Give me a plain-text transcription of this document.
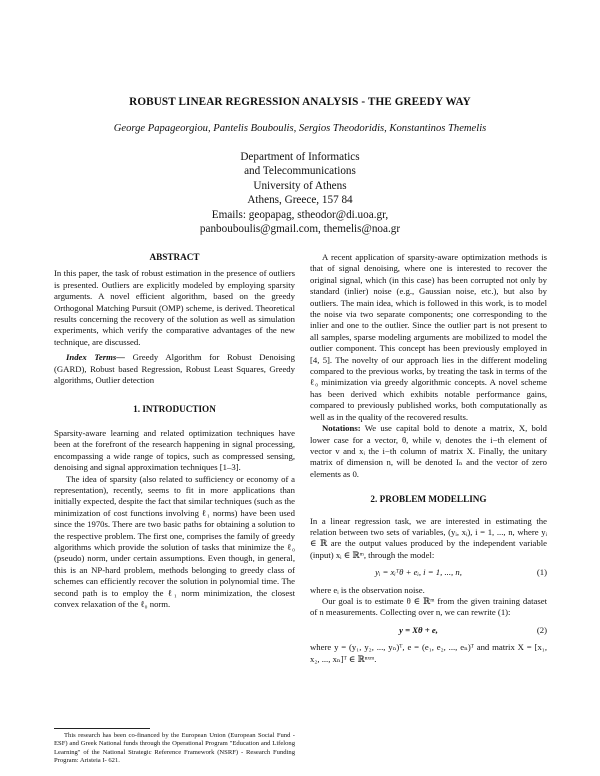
ROBUST LINEAR REGRESSION ANALYSIS - THE GREEDY WAY
George Papageorgiou, Pantelis Bouboulis, Sergios Theodoridis, Konstantinos Themelis
Department of Informatics
and Telecommunications
University of Athens
Athens, Greece, 157 84
Emails: geopapag, stheodor@di.uoa.gr,
panbouboulis@gmail.com, themelis@noa.gr

ABSTRACT

In this paper, the task of robust estimation in the presence of outliers is presented. Outliers are explicitly modeled by employing sparsity arguments. A novel efficient algorithm, based on the greedy Orthogonal Matching Pursuit (OMP) scheme, is derived. Theoretical results concerning the recovery of the solution as well as simulation experiments, which verify the comparative advantages of the new technique, are discussed.

Index Terms— Greedy Algorithm for Robust Denoising (GARD), Robust based Regression, Robust Least Squares, Greedy algorithms, Outlier detection

1. INTRODUCTION

Sparsity-aware learning and related optimization techniques have been at the forefront of the research happening in signal processing, encompassing a wide range of topics, such as compressed sensing, denoising and signal approximation techniques [1–3].

The idea of sparsity (also related to sufficiency or economy of a representation), recently, seems to fit in more applications than initially expected, despite the fact that similar techniques (such as the minimization of cost functions involving ℓ₁ norms) have been used since the 1970s. There are two basic paths for obtaining a solution to the respective problem. The first one, comprises the family of greedy algorithms which provide the solution of tasks that minimize the ℓ₀ (pseudo) norm, under certain assumptions. Even though, in general, this is an NP-hard problem, methods belonging to greedy class of schemes can efficiently recover the solution in polynomial time. The second path is to employ the ℓ₁ norm minimization, the closest convex relaxation of the ℓ₀ norm.

This research has been co-financed by the European Union (European Social Fund - ESF) and Greek National funds through the Operational Program "Education and Lifelong Learning" of the National Strategic Reference Framework (NSRF) - Research Funding Program: Aristeia I- 621.

A recent application of sparsity-aware optimization methods is that of signal denoising, where one is interested to recover the original signal, which (in this case) has been corrupted not only by standard (inlier) noise (e.g., Gaussian noise, etc.), but also by outliers. The main idea, which is followed in this work, is to model the noise via two separate components; one corresponding to the inlier and one to the outlier. Since the outlier part is not present to all samples, sparse modeling arguments are mobilized to model the outlier component. This concept has been previously employed in [4, 5]. The novelty of our approach lies in the different modeling compared to the previous works, by treating the task in terms of the ℓ₀ minimization via greedy algorithmic concepts. A novel scheme has been derived which exhibits notable performance gains, compared to previously published works, both computationally as well as in the quality of the recovered results.

Notations: We use capital bold to denote a matrix, X, bold lower case for a vector, θ, while vᵢ denotes the i−th element of vector v and xᵢ the i−th column of matrix X. Finally, the unitary matrix of dimension n, will be denoted Iₙ and the vector of zero elements as 0.

2. PROBLEM MODELLING

In a linear regression task, we are interested in estimating the relation between two sets of variables, (yᵢ, xᵢ), i = 1, ..., n, where yᵢ ∈ ℝ are the output values produced by the independent variable (input) xᵢ ∈ ℝᵐ, through the model:

yᵢ = xᵢᵀθ + eᵢ, i = 1, ..., n,	(1)

where eᵢ is the observation noise.

Our goal is to estimate θ ∈ ℝᵐ from the given training dataset of n measurements. Collecting over n, we can rewrite (1):

y = Xθ + e,	(2)

where y = (y₁, y₂, ..., yₙ)ᵀ, e = (e₁, e₂, ..., eₙ)ᵀ and matrix X = [x₁, x₂, ..., xₙ]ᵀ ∈ ℝⁿˣᵐ.
